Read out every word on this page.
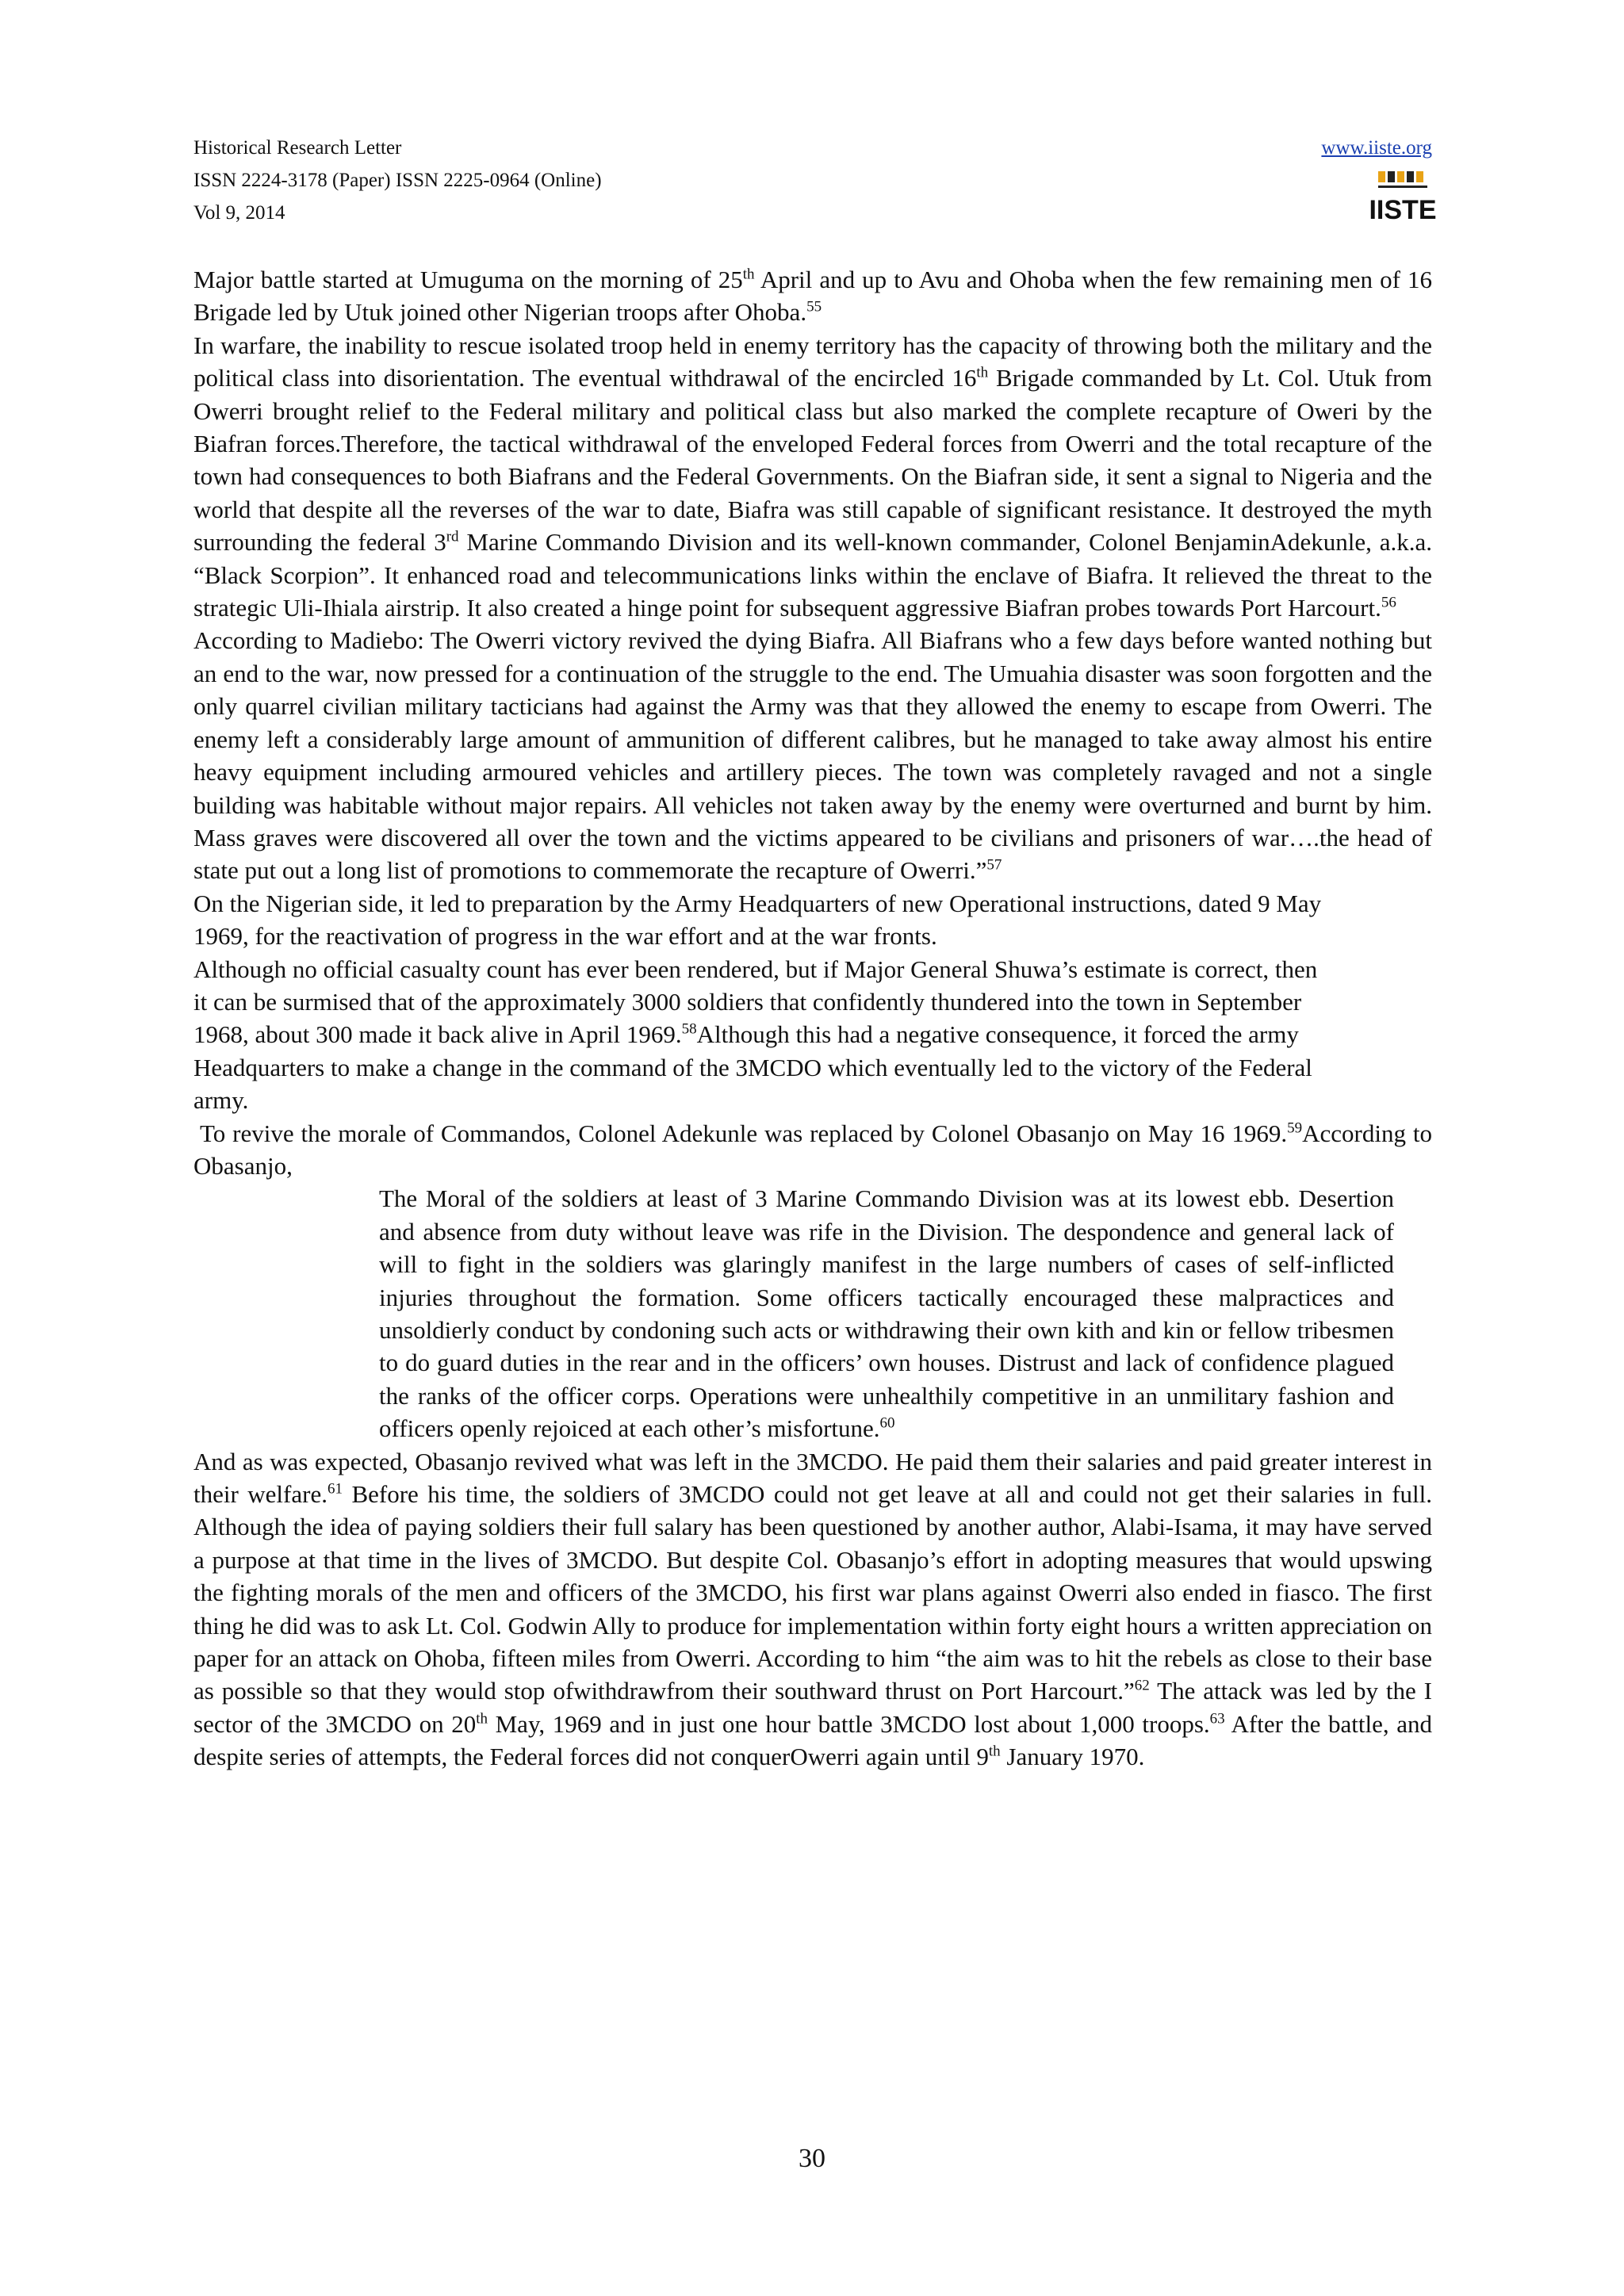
Historical Research Letter
ISSN 2224-3178 (Paper) ISSN 2225-0964 (Online)
Vol 9, 2014
www.iiste.org
IISTE

Major battle started at Umuguma on the morning of 25th April and up to Avu and Ohoba when the few remaining men of 16 Brigade led by Utuk joined other Nigerian troops after Ohoba.$^{55}$

In warfare, the inability to rescue isolated troop held in enemy territory has the capacity of throwing both the military and the political class into disorientation. The eventual withdrawal of the encircled 16th Brigade commanded by Lt. Col. Utuk from Owerri brought relief to the Federal military and political class but also marked the complete recapture of Oweri by the Biafran forces.Therefore, the tactical withdrawal of the enveloped Federal forces from Owerri and the total recapture of the town had consequences to both Biafrans and the Federal Governments. On the Biafran side, it sent a signal to Nigeria and the world that despite all the reverses of the war to date, Biafra was still capable of significant resistance. It destroyed the myth surrounding the federal 3rd Marine Commando Division and its well-known commander, Colonel BenjaminAdekunle, a.k.a. “Black Scorpion”. It enhanced road and telecommunications links within the enclave of Biafra. It relieved the threat to the strategic Uli-Ihiala airstrip. It also created a hinge point for subsequent aggressive Biafran probes towards Port Harcourt.$^{56}$

According to Madiebo: The Owerri victory revived the dying Biafra. All Biafrans who a few days before wanted nothing but an end to the war, now pressed for a continuation of the struggle to the end. The Umuahia disaster was soon forgotten and the only quarrel civilian military tacticians had against the Army was that they allowed the enemy to escape from Owerri. The enemy left a considerably large amount of ammunition of different calibres, but he managed to take away almost his entire heavy equipment including armoured vehicles and artillery pieces. The town was completely ravaged and not a single building was habitable without major repairs. All vehicles not taken away by the enemy were overturned and burnt by him. Mass graves were discovered all over the town and the victims appeared to be civilians and prisoners of war….the head of state put out a long list of promotions to commemorate the recapture of Owerri.”$^{57}$

On the Nigerian side, it led to preparation by the Army Headquarters of new Operational instructions, dated 9 May 1969, for the reactivation of progress in the war effort and at the war fronts.

Although no official casualty count has ever been rendered, but if Major General Shuwa’s estimate is correct, then it can be surmised that of the approximately 3000 soldiers that confidently thundered into the town in September 1968, about 300 made it back alive in April 1969.58Although this had a negative consequence, it forced the army Headquarters to make a change in the command of the 3MCDO which eventually led to the victory of the Federal army.

To revive the morale of Commandos, Colonel Adekunle was replaced by Colonel Obasanjo on May 16 1969.59According to Obasanjo,

The Moral of the soldiers at least of 3 Marine Commando Division was at its lowest ebb. Desertion and absence from duty without leave was rife in the Division. The despondence and general lack of will to fight in the soldiers was glaringly manifest in the large numbers of cases of self-inflicted injuries throughout the formation. Some officers tactically encouraged these malpractices and unsoldierly conduct by condoning such acts or withdrawing their own kith and kin or fellow tribesmen to do guard duties in the rear and in the officers’ own houses. Distrust and lack of confidence plagued the ranks of the officer corps. Operations were unhealthily competitive in an unmilitary fashion and officers openly rejoiced at each other’s misfortune.$^{60}$

And as was expected, Obasanjo revived what was left in the 3MCDO. He paid them their salaries and paid greater interest in their welfare.$^{61}$ Before his time, the soldiers of 3MCDO could not get leave at all and could not get their salaries in full. Although the idea of paying soldiers their full salary has been questioned by another author, Alabi-Isama, it may have served a purpose at that time in the lives of 3MCDO. But despite Col. Obasanjo’s effort in adopting measures that would upswing the fighting morals of the men and officers of the 3MCDO, his first war plans against Owerri also ended in fiasco. The first thing he did was to ask Lt. Col. Godwin Ally to produce for implementation within forty eight hours a written appreciation on paper for an attack on Ohoba, fifteen miles from Owerri. According to him “the aim was to hit the rebels as close to their base as possible so that they would stop ofwithdrawfrom their southward thrust on Port Harcourt.”$^{62}$ The attack was led by the I sector of the 3MCDO on 20th May, 1969 and in just one hour battle 3MCDO lost about 1,000 troops.$^{63}$ After the battle, and despite series of attempts, the Federal forces did not conquerOwerri again until 9th January 1970.

30
